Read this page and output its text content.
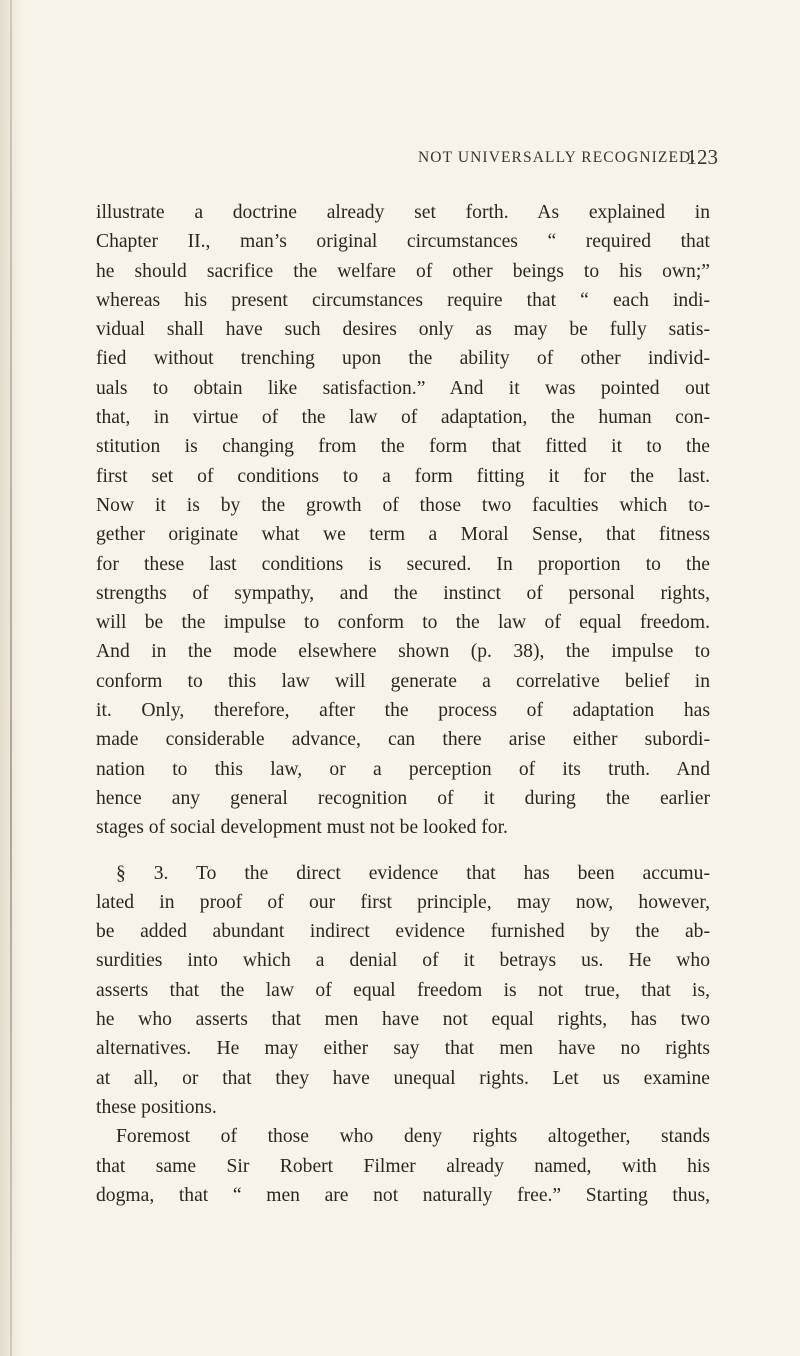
NOT UNIVERSALLY RECOGNIZED.
123
illustrate a doctrine already set forth. As explained in
Chapter II., man’s original circumstances “ required that
he should sacrifice the welfare of other beings to his own;”
whereas his present circumstances require that “ each indi-
vidual shall have such desires only as may be fully satis-
fied without trenching upon the ability of other individ-
uals to obtain like satisfaction.” And it was pointed out
that, in virtue of the law of adaptation, the human con-
stitution is changing from the form that fitted it to the
first set of conditions to a form fitting it for the last.
Now it is by the growth of those two faculties which to-
gether originate what we term a Moral Sense, that fitness
for these last conditions is secured. In proportion to the
strengths of sympathy, and the instinct of personal rights,
will be the impulse to conform to the law of equal freedom.
And in the mode elsewhere shown (p. 38), the impulse to
conform to this law will generate a correlative belief in
it. Only, therefore, after the process of adaptation has
made considerable advance, can there arise either subordi-
nation to this law, or a perception of its truth. And
hence any general recognition of it during the earlier
stages of social development must not be looked for.
§ 3. To the direct evidence that has been accumu-
lated in proof of our first principle, may now, however,
be added abundant indirect evidence furnished by the ab-
surdities into which a denial of it betrays us. He who
asserts that the law of equal freedom is not true, that is,
he who asserts that men have not equal rights, has two
alternatives. He may either say that men have no rights
at all, or that they have unequal rights. Let us examine
these positions.
Foremost of those who deny rights altogether, stands
that same Sir Robert Filmer already named, with his
dogma, that “ men are not naturally free.” Starting thus,
